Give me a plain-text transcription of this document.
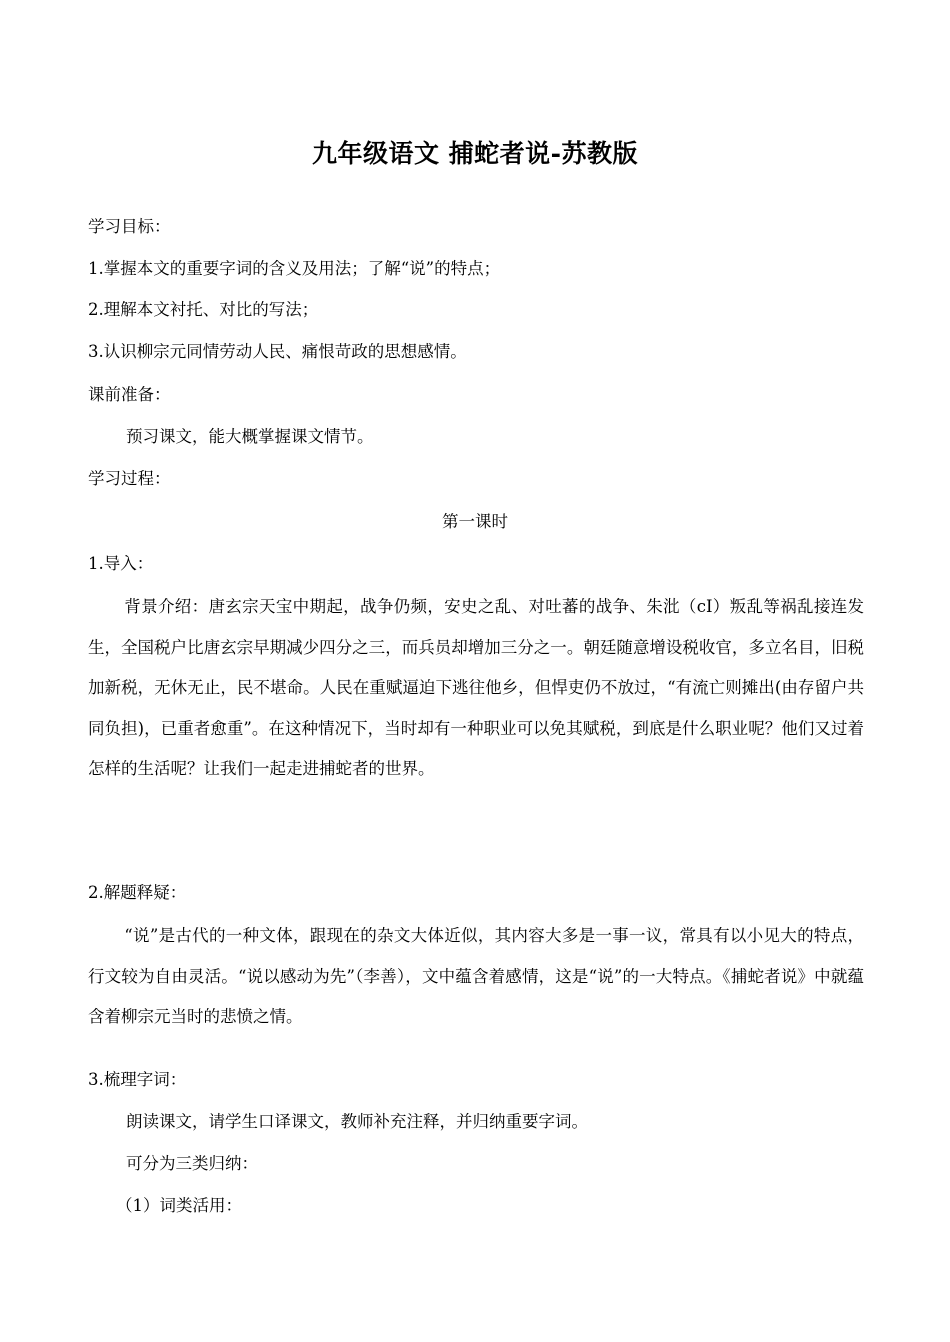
九年级语文 捕蛇者说-苏教版
学习目标：
1.掌握本文的重要字词的含义及用法；了解“说”的特点；
2.理解本文衬托、对比的写法；
3.认识柳宗元同情劳动人民、痛恨苛政的思想感情。
课前准备：
预习课文，能大概掌握课文情节。
学习过程：
第一课时
1.导入：
背景介绍：唐玄宗天宝中期起，战争仍频，安史之乱、对吐蕃的战争、朱沘（cI）叛乱等祸乱接连发生，全国税户比唐玄宗早期减少四分之三，而兵员却增加三分之一。朝廷随意增设税收官，多立名目，旧税加新税，无休无止，民不堪命。人民在重赋逼迫下逃往他乡，但悍吏仍不放过，“有流亡则摊出(由存留户共同负担)，已重者愈重”。在这种情况下，当时却有一种职业可以免其赋税，到底是什么职业呢？他们又过着怎样的生活呢？让我们一起走进捕蛇者的世界。
2.解题释疑：
“说”是古代的一种文体，跟现在的杂文大体近似，其内容大多是一事一议，常具有以小见大的特点，行文较为自由灵活。“说以感动为先”（李善），文中蕴含着感情，这是“说”的一大特点。《捕蛇者说》中就蕴含着柳宗元当时的悲愤之情。
3.梳理字词：
朗读课文，请学生口译课文，教师补充注释，并归纳重要字词。
可分为三类归纳：
（1）词类活用：
